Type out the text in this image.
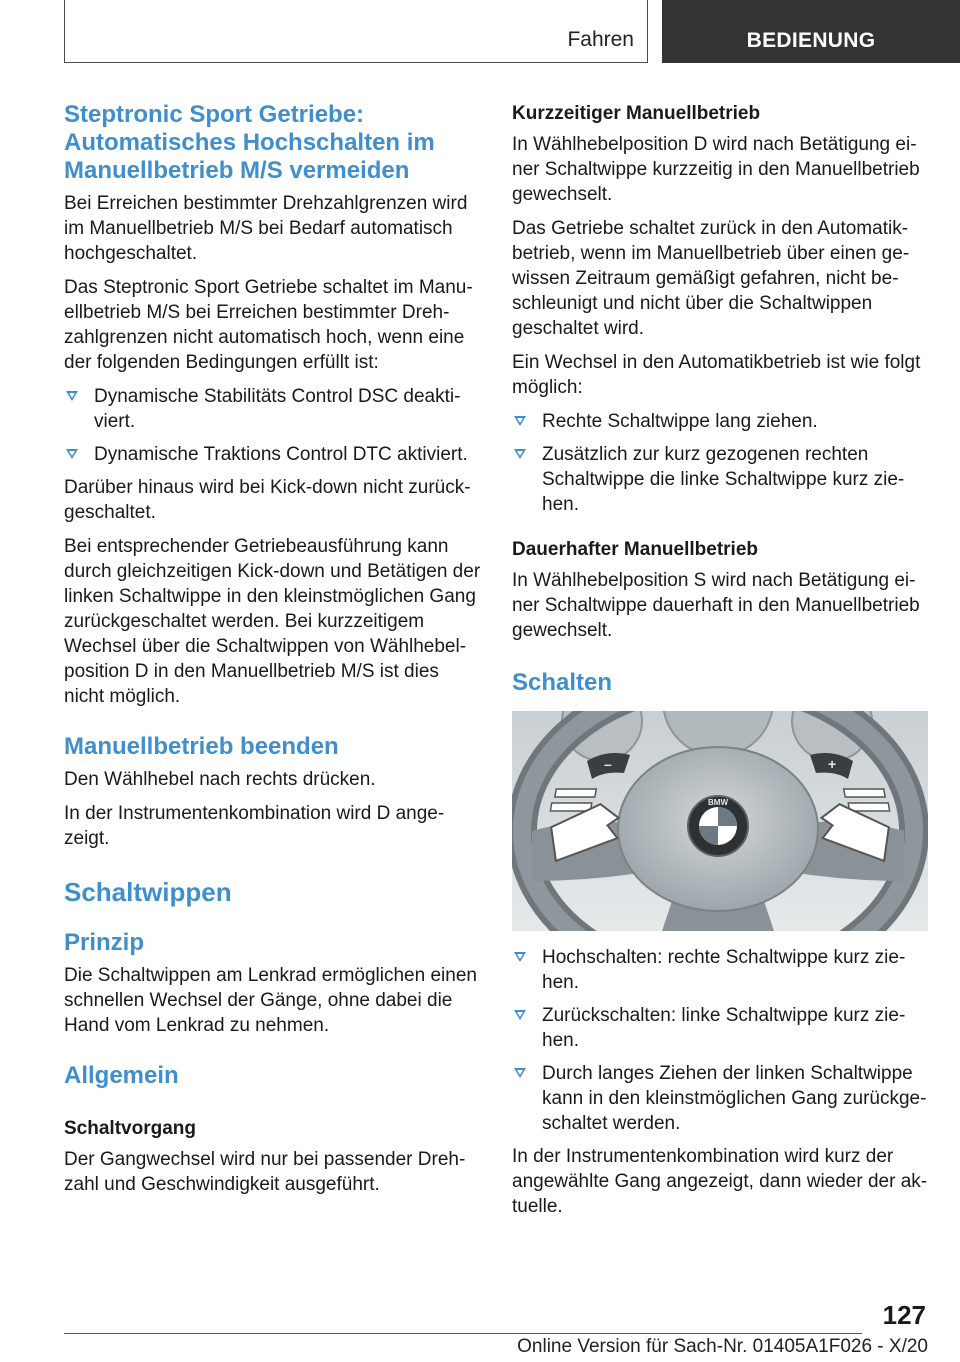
Fahren	BEDIENUNG
Steptronic Sport Getriebe: Automatisches Hochschalten im Manuellbetrieb M/S vermeiden

Bei Erreichen bestimmter Drehzahlgrenzen wird im Manuellbetrieb M/S bei Bedarf automatisch hochgeschaltet.

Das Steptronic Sport Getriebe schaltet im Manuellbetrieb M/S bei Erreichen bestimmter Drehzahlgrenzen nicht automatisch hoch, wenn eine der folgenden Bedingungen erfüllt ist:

Dynamische Stabilitäts Control DSC deaktiviert.
Dynamische Traktions Control DTC aktiviert.

Darüber hinaus wird bei Kick-down nicht zurückgeschaltet.

Bei entsprechender Getriebeausführung kann durch gleichzeitigen Kick-down und Betätigen der linken Schaltwippe in den kleinstmöglichen Gang zurückgeschaltet werden. Bei kurzzeitigem Wechsel über die Schaltwippen von Wählhebelposition D in den Manuellbetrieb M/S ist dies nicht möglich.

Manuellbetrieb beenden

Den Wählhebel nach rechts drücken.

In der Instrumentenkombination wird D angezeigt.

Schaltwippen
Prinzip

Die Schaltwippen am Lenkrad ermöglichen einen schnellen Wechsel der Gänge, ohne dabei die Hand vom Lenkrad zu nehmen.

Allgemein

Schaltvorgang

Der Gangwechsel wird nur bei passender Drehzahl und Geschwindigkeit ausgeführt.

Kurzzeitiger Manuellbetrieb

In Wählhebelposition D wird nach Betätigung einer Schaltwippe kurzzeitig in den Manuellbetrieb gewechselt.

Das Getriebe schaltet zurück in den Automatikbetrieb, wenn im Manuellbetrieb über einen gewissen Zeitraum gemäßigt gefahren, nicht beschleunigt und nicht über die Schaltwippen geschaltet wird.

Ein Wechsel in den Automatikbetrieb ist wie folgt möglich:

Rechte Schaltwippe lang ziehen.
Zusätzlich zur kurz gezogenen rechten Schaltwippe die linke Schaltwippe kurz ziehen.

Dauerhafter Manuellbetrieb

In Wählhebelposition S wird nach Betätigung einer Schaltwippe dauerhaft in den Manuellbetrieb gewechselt.

Schalten
BMW
–	+
Hochschalten: rechte Schaltwippe kurz ziehen.
Zurückschalten: linke Schaltwippe kurz ziehen.
Durch langes Ziehen der linken Schaltwippe kann in den kleinstmöglichen Gang zurückgeschaltet werden.

In der Instrumentenkombination wird kurz der angewählte Gang angezeigt, dann wieder der aktuelle.

127
Online Version für Sach-Nr. 01405A1F026 - X/20
